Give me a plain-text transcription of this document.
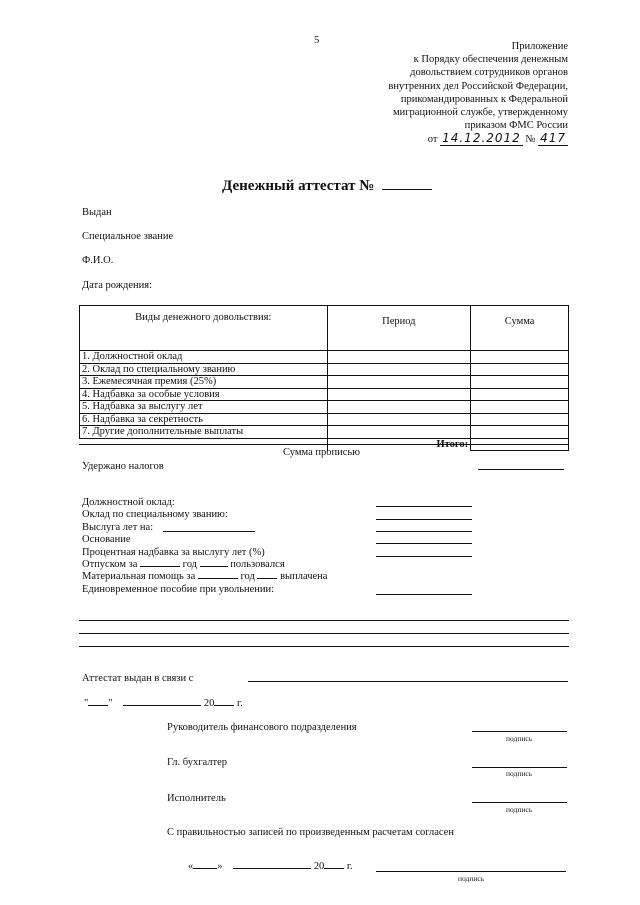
5
Приложение
к Порядку обеспечения денежным
довольствием сотрудников органов
внутренних дел Российской Федерации,
прикомандированных к Федеральной
миграционной службе, утвержденному
приказом ФМС России
от 14.12.2012 № 417
Денежный аттестат №
Выдан
Специальное звание
Ф.И.О.
Дата рождения:
Виды денежного довольствия:	Период	Сумма
1. Должностной оклад		
2. Оклад по специальному званию		
3. Ежемесячная премия (25%)		
4. Надбавка за особые условия		
5. Надбавка за выслугу лет		
6. Надбавка за секретность		
7. Другие дополнительные выплаты		
	Итого:	
Сумма прописью
Удержано налогов
Должностной оклад:
Оклад по специальному званию:
Выслуга лет на:
Основание
Процентная надбавка за выслугу лет (%)
Отпуском за	год	пользовался
Материальная помощь за	год выплачена
Единовременное пособие при увольнении:
Аттестат выдан в связи с
" "	20 г.
Руководитель финансового подразделения
подпись
Гл. бухгалтер
подпись
Исполнитель
подпись
С правильностью записей по произведенным расчетам согласен
« »	20 г.
подпись
